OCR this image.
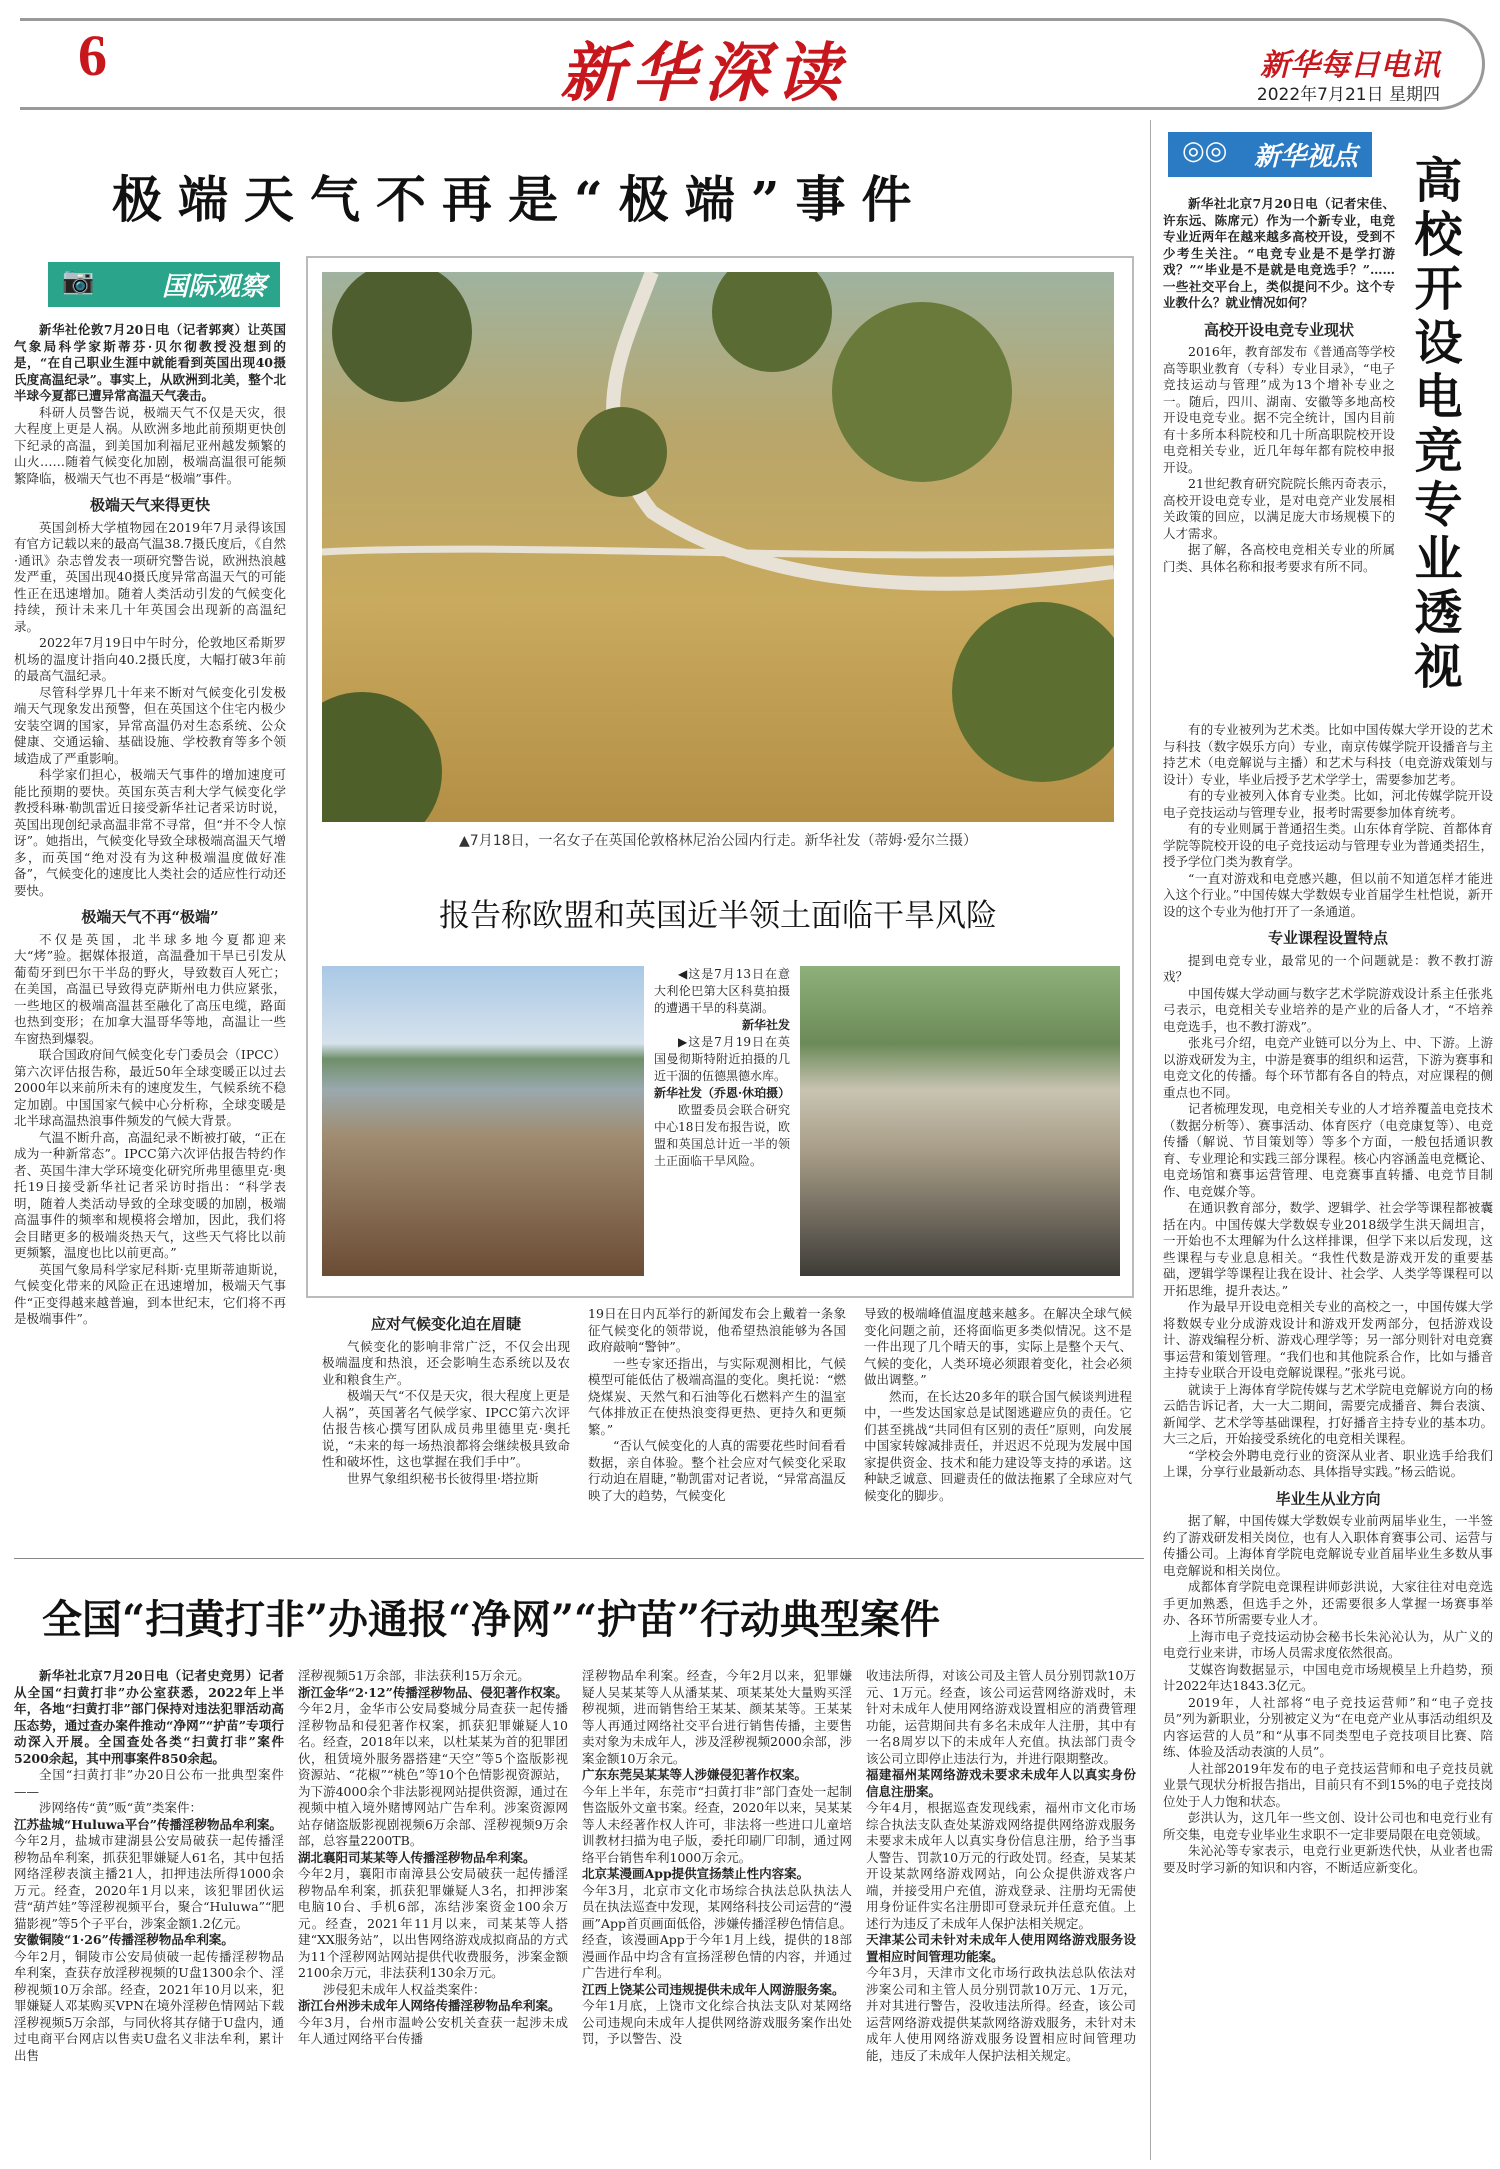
6	新华深读	新华每日电讯
2022年7月21日 星期四
极端天气不再是“极端”事件
📷	国际观察

新华社伦敦7月20日电（记者郭爽）让英国气象局科学家斯蒂芬·贝尔彻教授没想到的是，“在自己职业生涯中就能看到英国出现40摄氏度高温纪录”。事实上，从欧洲到北美，整个北半球今夏都已遭异常高温天气袭击。

科研人员警告说，极端天气不仅是天灾，很大程度上更是人祸。从欧洲多地此前预期更快创下纪录的高温，到美国加利福尼亚州越发频繁的山火……随着气候变化加剧，极端高温很可能频繁降临，极端天气也不再是“极端”事件。

极端天气来得更快

英国剑桥大学植物园在2019年7月录得该国有官方记载以来的最高气温38.7摄氏度后，《自然·通讯》杂志曾发表一项研究警告说，欧洲热浪越发严重，英国出现40摄氏度异常高温天气的可能性正在迅速增加。随着人类活动引发的气候变化持续，预计未来几十年英国会出现新的高温纪录。

2022年7月19日中午时分，伦敦地区希斯罗机场的温度计指向40.2摄氏度，大幅打破3年前的最高气温纪录。

尽管科学界几十年来不断对气候变化引发极端天气现象发出预警，但在英国这个住宅内极少安装空调的国家，异常高温仍对生态系统、公众健康、交通运输、基础设施、学校教育等多个领域造成了严重影响。

科学家们担心，极端天气事件的增加速度可能比预期的要快。英国东英吉利大学气候变化学教授科琳·勒凯雷近日接受新华社记者采访时说，英国出现创纪录高温非常不寻常，但“并不令人惊讶”。她指出，气候变化导致全球极端高温天气增多，而英国“绝对没有为这种极端温度做好准备”，气候变化的速度比人类社会的适应性行动还要快。

极端天气不再“极端”

不仅是英国，北半球多地今夏都迎来大“烤”验。据媒体报道，高温叠加干旱已引发从葡萄牙到巴尔干半岛的野火，导致数百人死亡；在美国，高温已导致得克萨斯州电力供应紧张，一些地区的极端高温甚至融化了高压电缆，路面也热到变形；在加拿大温哥华等地，高温让一些车窗热到爆裂。

联合国政府间气候变化专门委员会（IPCC）第六次评估报告称，最近50年全球变暖正以过去2000年以来前所未有的速度发生，气候系统不稳定加剧。中国国家气候中心分析称，全球变暖是北半球高温热浪事件频发的气候大背景。

气温不断升高，高温纪录不断被打破，“正在成为一种新常态”。IPCC第六次评估报告特约作者、英国牛津大学环境变化研究所弗里德里克·奥托19日接受新华社记者采访时指出：“科学表明，随着人类活动导致的全球变暖的加剧，极端高温事件的频率和规模将会增加，因此，我们将会目睹更多的极端炎热天气，这些天气将比以前更频繁，温度也比以前更高。”

英国气象局科学家尼科斯·克里斯蒂迪斯说，气候变化带来的风险正在迅速增加，极端天气事件“正变得越来越普遍，到本世纪末，它们将不再是极端事件”。

▲7月18日，一名女子在英国伦敦格林尼治公园内行走。新华社发（蒂姆·爱尔兰摄）
报告称欧盟和英国近半领土面临干旱风险

◀这是7月13日在意大利伦巴第大区科莫拍摄的遭遇干旱的科莫湖。

新华社发

▶这是7月19日在英国曼彻斯特附近拍摄的几近干涸的伍德黑德水库。

新华社发（乔恩·休珀摄）

欧盟委员会联合研究中心18日发布报告说，欧盟和英国总计近一半的领土正面临干旱风险。

应对气候变化迫在眉睫

气候变化的影响非常广泛，不仅会出现极端温度和热浪，还会影响生态系统以及农业和粮食生产。

极端天气“不仅是天灾，很大程度上更是人祸”，英国著名气候学家、IPCC第六次评估报告核心撰写团队成员弗里德里克·奥托说，“未来的每一场热浪都将会继续极具致命性和破坏性，这也掌握在我们手中”。

世界气象组织秘书长彼得里·塔拉斯

19日在日内瓦举行的新闻发布会上戴着一条象征气候变化的领带说，他希望热浪能够为各国政府敲响“警钟”。

一些专家还指出，与实际观测相比，气候模型可能低估了极端高温的变化。奥托说：“燃烧煤炭、天然气和石油等化石燃料产生的温室气体排放正在使热浪变得更热、更持久和更频繁。”

“否认气候变化的人真的需要花些时间看看数据，亲自体验。整个社会应对气候变化采取行动迫在眉睫，”勒凯雷对记者说，“异常高温反映了大的趋势，气候变化

导致的极端峰值温度越来越多。在解决全球气候变化问题之前，还将面临更多类似情况。这不是一件出现了几个晴天的事，实际上是整个天气、气候的变化，人类环境必须跟着变化，社会必须做出调整。”

然而，在长达20多年的联合国气候谈判进程中，一些发达国家总是试图逃避应负的责任。它们甚至挑战“共同但有区别的责任”原则，向发展中国家转嫁减排责任，并迟迟不兑现为发展中国家提供资金、技术和能力建设等支持的承诺。这种缺乏诚意、回避责任的做法拖累了全球应对气候变化的脚步。

◎◎ 新华视点 高校开设电竞专业透视

新华社北京7月20日电（记者宋佳、许东远、陈席元）作为一个新专业，电竞专业近两年在越来越多高校开设，受到不少考生关注。“电竞专业是不是学打游戏？”“毕业是不是就是电竞选手？”……一些社交平台上，类似提问不少。这个专业教什么？就业情况如何？

高校开设电竞专业现状

2016年，教育部发布《普通高等学校高等职业教育（专科）专业目录》，“电子竞技运动与管理”成为13个增补专业之一。随后，四川、湖南、安徽等多地高校开设电竞专业。据不完全统计，国内目前有十多所本科院校和几十所高职院校开设电竞相关专业，近几年每年都有院校申报开设。

21世纪教育研究院院长熊丙奇表示，高校开设电竞专业，是对电竞产业发展相关政策的回应，以满足庞大市场规模下的人才需求。

据了解，各高校电竞相关专业的所属门类、具体名称和报考要求有所不同。

有的专业被列为艺术类。比如中国传媒大学开设的艺术与科技（数字娱乐方向）专业，南京传媒学院开设播音与主持艺术（电竞解说与主播）和艺术与科技（电竞游戏策划与设计）专业，毕业后授予艺术学学士，需要参加艺考。

有的专业被列入体育专业类。比如，河北传媒学院开设电子竞技运动与管理专业，报考时需要参加体育统考。

有的专业则属于普通招生类。山东体育学院、首都体育学院等院校开设的电子竞技运动与管理专业为普通类招生，授予学位门类为教育学。

“一直对游戏和电竞感兴趣，但以前不知道怎样才能进入这个行业。”中国传媒大学数娱专业首届学生杜恺说，新开设的这个专业为他打开了一条通道。

专业课程设置特点

提到电竞专业，最常见的一个问题就是：教不教打游戏？

中国传媒大学动画与数字艺术学院游戏设计系主任张兆弓表示，电竞相关专业培养的是产业的后备人才，“不培养电竞选手，也不教打游戏”。

张兆弓介绍，电竞产业链可以分为上、中、下游。上游以游戏研发为主，中游是赛事的组织和运营，下游为赛事和电竞文化的传播。每个环节都有各自的特点，对应课程的侧重点也不同。

记者梳理发现，电竞相关专业的人才培养覆盖电竞技术（数据分析等）、赛事活动、体育医疗（电竞康复等）、电竞传播（解说、节目策划等）等多个方面，一般包括通识教育、专业理论和实践三部分课程。核心内容涵盖电竞概论、电竞场馆和赛事运营管理、电竞赛事直转播、电竞节目制作、电竞媒介等。

在通识教育部分，数学、逻辑学、社会学等课程都被囊括在内。中国传媒大学数娱专业2018级学生洪天阔坦言，一开始也不太理解为什么这样排课，但学下来以后发现，这些课程与专业息息相关。“我性代数是游戏开发的重要基础，逻辑学等课程让我在设计、社会学、人类学等课程可以开拓思维，提升表达。”

作为最早开设电竞相关专业的高校之一，中国传媒大学将数娱专业分成游戏设计和游戏开发两部分，包括游戏设计、游戏编程分析、游戏心理学等；另一部分则针对电竞赛事运营和策划管理。“我们也和其他院系合作，比如与播音主持专业联合开设电竞解说课程。”张兆弓说。

就读于上海体育学院传媒与艺术学院电竞解说方向的杨云皓告诉记者，大一大二期间，需要完成播音、舞台表演、新闻学、艺术学等基础课程，打好播音主持专业的基本功。大三之后，开始接受系统化的电竞相关课程。

“学校会外聘电竞行业的资深从业者、职业选手给我们上课，分享行业最新动态、具体指导实践。”杨云皓说。

毕业生从业方向

据了解，中国传媒大学数娱专业前两届毕业生，一半签约了游戏研发相关岗位，也有人入职体育赛事公司、运营与传播公司。上海体育学院电竞解说专业首届毕业生多数从事电竞解说和相关岗位。

成都体育学院电竞课程讲师彭洪说，大家往往对电竞选手更加熟悉，但选手之外，还需要很多人掌握一场赛事举办、各环节所需要专业人才。

上海市电子竞技运动协会秘书长朱沁沁认为，从广义的电竞行业来讲，市场人员需求度依然很高。

艾媒咨询数据显示，中国电竞市场规模呈上升趋势，预计2022年达1843.3亿元。

2019年，人社部将“电子竞技运营师”和“电子竞技员”列为新职业，分别被定义为“在电竞产业从事活动组织及内容运营的人员”和“从事不同类型电子竞技项目比赛、陪练、体验及活动表演的人员”。

人社部2019年发布的电子竞技运营师和电子竞技员就业景气现状分析报告指出，目前只有不到15%的电子竞技岗位处于人力饱和状态。

彭洪认为，这几年一些文创、设计公司也和电竞行业有所交集，电竞专业毕业生求职不一定非要局限在电竞领域。

朱沁沁等专家表示，电竞行业更新迭代快，从业者也需要及时学习新的知识和内容，不断适应新变化。

全国“扫黄打非”办通报“净网”“护苗”行动典型案件

新华社北京7月20日电（记者史竞男）记者从全国“扫黄打非”办公室获悉，2022年上半年，各地“扫黄打非”部门保持对违法犯罪活动高压态势，通过查办案件推动“净网”“护苗”专项行动深入开展。全国查处各类“扫黄打非”案件5200余起，其中刑事案件850余起。

全国“扫黄打非”办20日公布一批典型案件——

涉网络传“黄”贩“黄”类案件：

江苏盐城“Huluwa平台”传播淫秽物品牟利案。

今年2月，盐城市建湖县公安局破获一起传播淫秽物品牟利案，抓获犯罪嫌疑人61名，其中包括网络淫秽表演主播21人，扣押违法所得1000余万元。经查，2020年1月以来，该犯罪团伙运营“葫芦娃”等淫秽视频平台，聚合“Huluwa”“肥猫影视”等5个子平台，涉案金额1.2亿元。

安徽铜陵“1·26”传播淫秽物品牟利案。

今年2月，铜陵市公安局侦破一起传播淫秽物品牟利案，查获存放淫秽视频的U盘1300余个、淫秽视频10万余部。经查，2021年10月以来，犯罪嫌疑人邓某购买VPN在境外淫秽色情网站下载淫秽视频5万余部，与同伙将其存储于U盘内，通过电商平台网店以售卖U盘名义非法牟利，累计出售

淫秽视频51万余部，非法获利15万余元。

浙江金华“2·12”传播淫秽物品、侵犯著作权案。

今年2月，金华市公安局婺城分局查获一起传播淫秽物品和侵犯著作权案，抓获犯罪嫌疑人10名。经查，2018年以来，以杜某某为首的犯罪团伙，租赁境外服务器搭建“天空”等5个盗版影视资源站、“花椒”“桃色”等10个色情影视资源站，为下游4000余个非法影视网站提供资源，通过在视频中植入境外赌博网站广告牟利。涉案资源网站存储盗版影视剧视频6万余部、淫秽视频9万余部，总容量2200TB。

湖北襄阳司某某等人传播淫秽物品牟利案。

今年2月，襄阳市南漳县公安局破获一起传播淫秽物品牟利案，抓获犯罪嫌疑人3名，扣押涉案电脑10台、手机6部，冻结涉案资金100余万元。经查，2021年11月以来，司某某等人搭建“XX服务站”，以出售网络游戏成拟商品的方式为11个淫秽网站网站提供代收费服务，涉案金额2100余万元，非法获利130余万元。

涉侵犯未成年人权益类案件：

浙江台州涉未成年人网络传播淫秽物品牟利案。

今年3月，台州市温岭公安机关查获一起涉未成年人通过网络平台传播

淫秽物品牟利案。经查，今年2月以来，犯罪嫌疑人吴某某等人从潘某某、项某某处大量购买淫秽视频，进而销售给王某某、颜某某等。王某某等人再通过网络社交平台进行销售传播，主要售卖对象为未成年人，涉及淫秽视频2000余部，涉案金额10万余元。

广东东莞吴某某等人涉嫌侵犯著作权案。

今年上半年，东莞市“扫黄打非”部门查处一起制售盗版外文童书案。经查，2020年以来，吴某某等人未经著作权人许可，非法将一些进口儿童培训教材扫描为电子版，委托印刷厂印制，通过网络平台销售牟利1000万余元。

北京某漫画App提供宣扬禁止性内容案。

今年3月，北京市文化市场综合执法总队执法人员在执法巡查中发现，某网络科技公司运营的“漫画”App首页画面低俗，涉嫌传播淫秽色情信息。经查，该漫画App于今年1月上线，提供的18部漫画作品中均含有宣扬淫秽色情的内容，并通过广告进行牟利。

江西上饶某公司违规提供未成年人网游服务案。

今年1月底，上饶市文化综合执法支队对某网络公司违规向未成年人提供网络游戏服务案作出处罚，予以警告、没

收违法所得，对该公司及主管人员分别罚款10万元、1万元。经查，该公司运营网络游戏时，未针对未成年人使用网络游戏设置相应的消费管理功能，运营期间共有多名未成年人注册，其中有一名8周岁以下的未成年人充值。执法部门责令该公司立即停止违法行为，并进行限期整改。

福建福州某网络游戏未要求未成年人以真实身份信息注册案。

今年4月，根据巡查发现线索，福州市文化市场综合执法支队查处某游戏网络提供网络游戏服务未要求未成年人以真实身份信息注册，给予当事人警告、罚款10万元的行政处罚。经查，吴某某开设某款网络游戏网站，向公众提供游戏客户端，并接受用户充值，游戏登录、注册均无需使用身份证件实名注册即可登录玩并任意充值。上述行为违反了未成年人保护法相关规定。

天津某公司未针对未成年人使用网络游戏服务设置相应时间管理功能案。

今年3月，天津市文化市场行政执法总队依法对涉案公司和主管人员分别罚款10万元、1万元，并对其进行警告，没收违法所得。经查，该公司运营网络游戏提供某款网络游戏服务，未针对未成年人使用网络游戏服务设置相应时间管理功能，违反了未成年人保护法相关规定。
